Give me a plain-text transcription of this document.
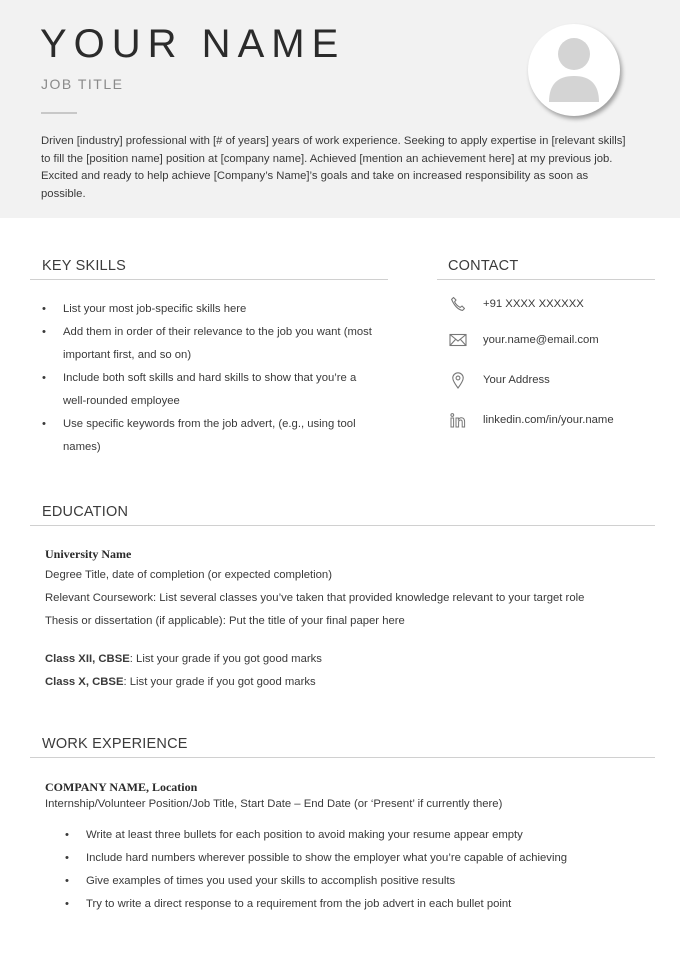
YOUR NAME
JOB TITLE

Driven [industry] professional with [# of years] years of work experience. Seeking to apply expertise in [relevant skills] to fill the [position name] position at [company name]. Achieved [mention an achievement here] at my previous job. Excited and ready to help achieve [Company’s Name]’s goals and take on increased responsibility as soon as possible.

KEY SKILLS
• List your most job-specific skills here
• Add them in order of their relevance to the job you want (most important first, and so on)
• Include both soft skills and hard skills to show that you’re a well-rounded employee
• Use specific keywords from the job advert, (e.g., using tool names)
CONTACT
+91 XXXX XXXXXX
your.name@email.com
Your Address
linkedin.com/in/your.name
EDUCATION
University Name
Degree Title, date of completion (or expected completion)
Relevant Coursework: List several classes you’ve taken that provided knowledge relevant to your target role
Thesis or dissertation (if applicable): Put the title of your final paper here
Class XII, CBSE: List your grade if you got good marks
Class X, CBSE: List your grade if you got good marks
WORK EXPERIENCE
COMPANY NAME, Location
Internship/Volunteer Position/Job Title, Start Date – End Date (or ‘Present’ if currently there)
• Write at least three bullets for each position to avoid making your resume appear empty
• Include hard numbers wherever possible to show the employer what you’re capable of achieving
• Give examples of times you used your skills to accomplish positive results
• Try to write a direct response to a requirement from the job advert in each bullet point
